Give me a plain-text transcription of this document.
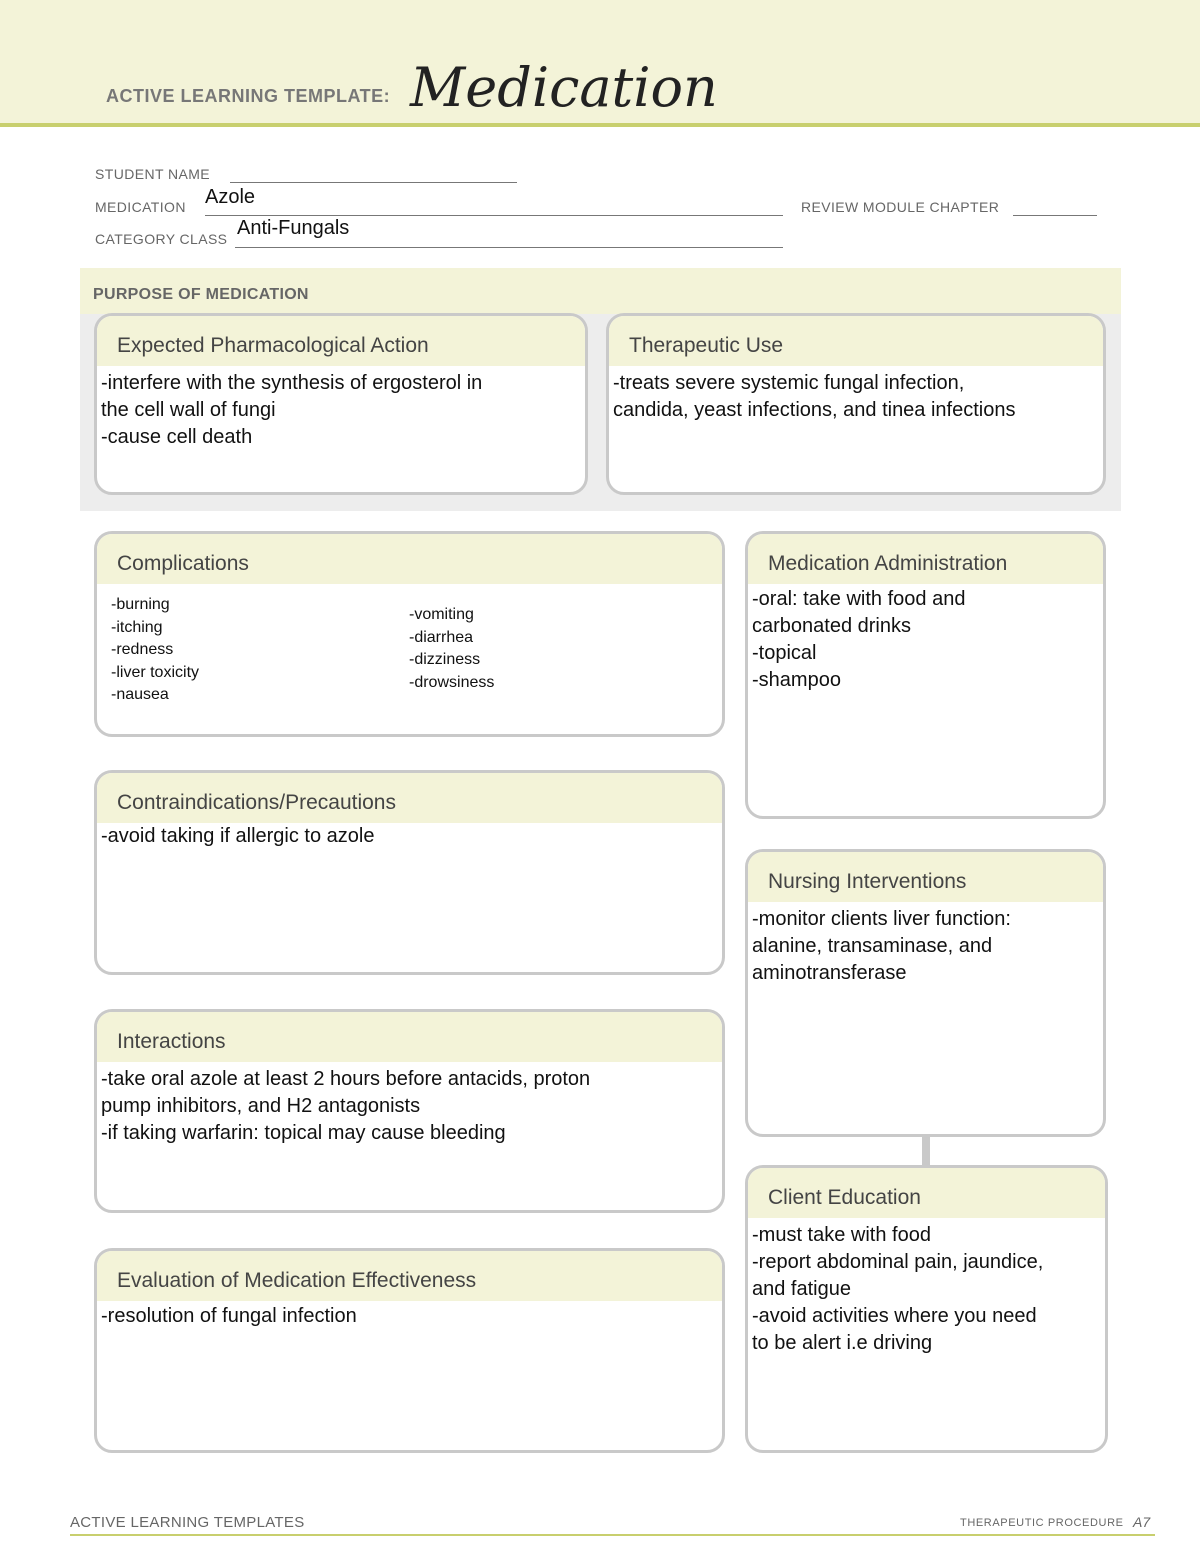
ACTIVE LEARNING TEMPLATE: Medication
STUDENT NAME
MEDICATION Azole	REVIEW MODULE CHAPTER
CATEGORY CLASS Anti-Fungals
PURPOSE OF MEDICATION
Expected Pharmacological Action
-interfere with the synthesis of ergosterol in
the cell wall of fungi
-cause cell death
Therapeutic Use
-treats severe systemic fungal infection,
candida, yeast infections, and tinea infections
Complications
-burning
-itching
-redness
-liver toxicity
-nausea
-vomiting
-diarrhea
-dizziness
-drowsiness
Medication Administration
-oral: take with food and
carbonated drinks
-topical
-shampoo
Contraindications/Precautions
-avoid taking if allergic to azole
Nursing Interventions
-monitor clients liver function:
alanine, transaminase, and
aminotransferase
Interactions
-take oral azole at least 2 hours before antacids, proton
pump inhibitors, and H2 antagonists
-if taking warfarin: topical may cause bleeding
Client Education
-must take with food
-report abdominal pain, jaundice,
and fatigue
-avoid activities where you need
to be alert i.e driving
Evaluation of Medication Effectiveness
-resolution of fungal infection
ACTIVE LEARNING TEMPLATES	THERAPEUTIC PROCEDURE A7
